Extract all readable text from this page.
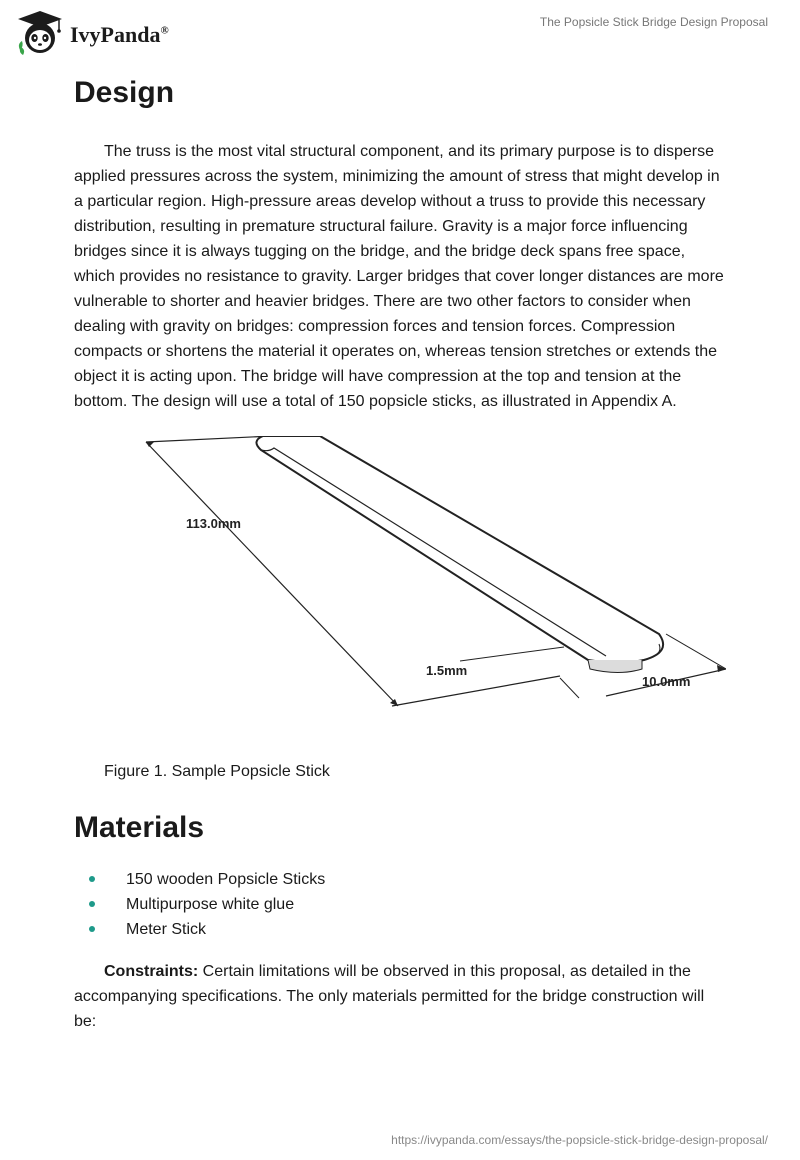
IvyPanda®
The Popsicle Stick Bridge Design Proposal
Design

The truss is the most vital structural component, and its primary purpose is to disperse applied pressures across the system, minimizing the amount of stress that might develop in a particular region. High-pressure areas develop without a truss to provide this necessary distribution, resulting in premature structural failure. Gravity is a major force influencing bridges since it is always tugging on the bridge, and the bridge deck spans free space, which provides no resistance to gravity. Larger bridges that cover longer distances are more vulnerable to shorter and heavier bridges. There are two other factors to consider when dealing with gravity on bridges: compression forces and tension forces. Compression compacts or shortens the material it operates on, whereas tension stretches or extends the object it is acting upon. The bridge will have compression at the top and tension at the bottom. The design will use a total of 150 popsicle sticks, as illustrated in Appendix A.

113.0mm
1.5mm
10.0mm

Figure 1. Sample Popsicle Stick

Materials
150 wooden Popsicle Sticks
Multipurpose white glue
Meter Stick

Constraints: Certain limitations will be observed in this proposal, as detailed in the accompanying specifications. The only materials permitted for the bridge construction will be:

https://ivypanda.com/essays/the-popsicle-stick-bridge-design-proposal/
